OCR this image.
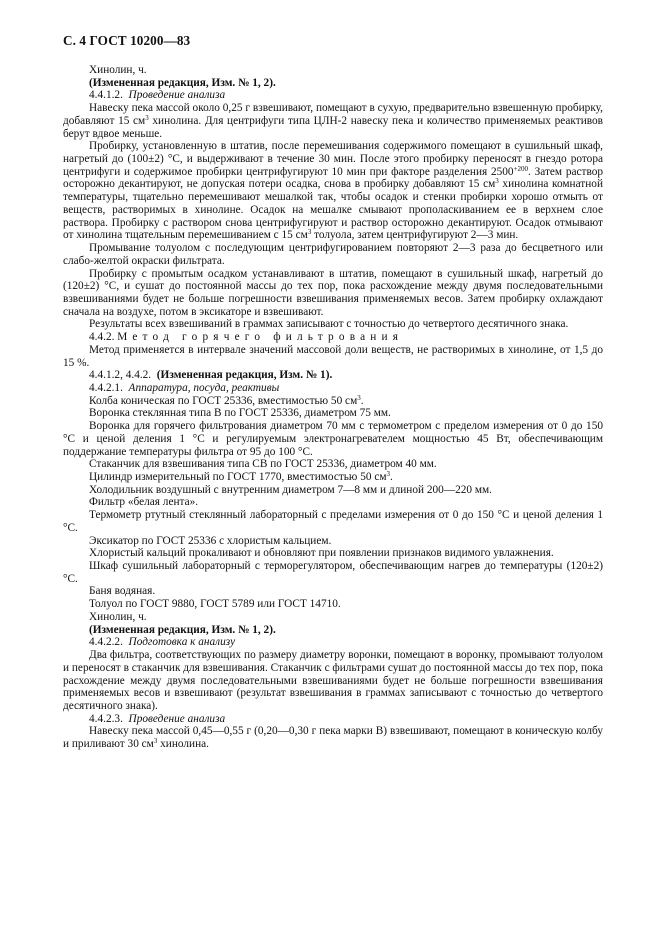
С. 4 ГОСТ 10200—83

Хинолин, ч.

(Измененная редакция, Изм. № 1, 2).

4.4.1.2. Проведение анализа

Навеску пека массой около 0,25 г взвешивают, помещают в сухую, предварительно взвешенную пробирку, добавляют 15 $см^3$ хинолина. Для центрифуги типа ЦЛН-2 навеску пека и количество применяемых реактивов берут вдвое меньше.

Пробирку, установленную в штатив, после перемешивания содержимого помещают в сушильный шкаф, нагретый до (100±2) °С, и выдерживают в течение 30 мин. После этого пробирку переносят в гнездо ротора центрифуги и содержимое пробирки центрифугируют 10 мин при факторе разделения $2500^{+200}$. Затем раствор осторожно декантируют, не допуская потери осадка, снова в пробирку добавляют 15 $см^3$ хинолина комнатной температуры, тщательно перемешивают мешалкой так, чтобы осадок и стенки пробирки хорошо отмыть от веществ, растворимых в хинолине. Осадок на мешалке смывают прополаскиванием ее в верхнем слое раствора. Пробирку с раствором снова центрифугируют и раствор осторожно декантируют. Осадок отмывают от хинолина тщательным перемешиванием с 15 $см^3$ толуола, затем центрифугируют 2—3 мин.

Промывание толуолом с последующим центрифугированием повторяют 2—3 раза до бесцветного или слабо-желтой окраски фильтрата.

Пробирку с промытым осадком устанавливают в штатив, помещают в сушильный шкаф, нагретый до (120±2) °С, и сушат до постоянной массы до тех пор, пока расхождение между двумя последовательными взвешиваниями будет не больше погрешности взвешивания применяемых весов. Затем пробирку охлаждают сначала на воздухе, потом в эксикаторе и взвешивают.

Результаты всех взвешиваний в граммах записывают с точностью до четвертого десятичного знака.

4.4.2. Метод горячего фильтрования

Метод применяется в интервале значений массовой доли веществ, не растворимых в хинолине, от 1,5 до 15 %.

4.4.1.2, 4.4.2. (Измененная редакция, Изм. № 1).

4.4.2.1. Аппаратура, посуда, реактивы

Колба коническая по ГОСТ 25336, вместимостью 50 $см^3$.

Воронка стеклянная типа В по ГОСТ 25336, диаметром 75 мм.

Воронка для горячего фильтрования диаметром 70 мм с термометром с пределом измерения от 0 до 150 °С и ценой деления 1 °С и регулируемым электронагревателем мощностью 45 Вт, обеспечивающим поддержание температуры фильтра от 95 до 100 °С.

Стаканчик для взвешивания типа СВ по ГОСТ 25336, диаметром 40 мм.

Цилиндр измерительный по ГОСТ 1770, вместимостью 50 $см^3$.

Холодильник воздушный с внутренним диаметром 7—8 мм и длиной 200—220 мм.

Фильтр «белая лента».

Термометр ртутный стеклянный лабораторный с пределами измерения от 0 до 150 °С и ценой деления 1 °С.

Эксикатор по ГОСТ 25336 с хлористым кальцием.

Хлористый кальций прокаливают и обновляют при появлении признаков видимого увлажнения.

Шкаф сушильный лабораторный с терморегулятором, обеспечивающим нагрев до температуры (120±2) °С.

Баня водяная.

Толуол по ГОСТ 9880, ГОСТ 5789 или ГОСТ 14710.

Хинолин, ч.

(Измененная редакция, Изм. № 1, 2).

4.4.2.2. Подготовка к анализу

Два фильтра, соответствующих по размеру диаметру воронки, помещают в воронку, промывают толуолом и переносят в стаканчик для взвешивания. Стаканчик с фильтрами сушат до постоянной массы до тех пор, пока расхождение между двумя последовательными взвешиваниями будет не больше погрешности взвешивания применяемых весов и взвешивают (результат взвешивания в граммах записывают с точностью до четвертого десятичного знака).

4.4.2.3. Проведение анализа

Навеску пека массой 0,45—0,55 г (0,20—0,30 г пека марки В) взвешивают, помещают в коническую колбу и приливают 30 $см^3$ хинолина.
